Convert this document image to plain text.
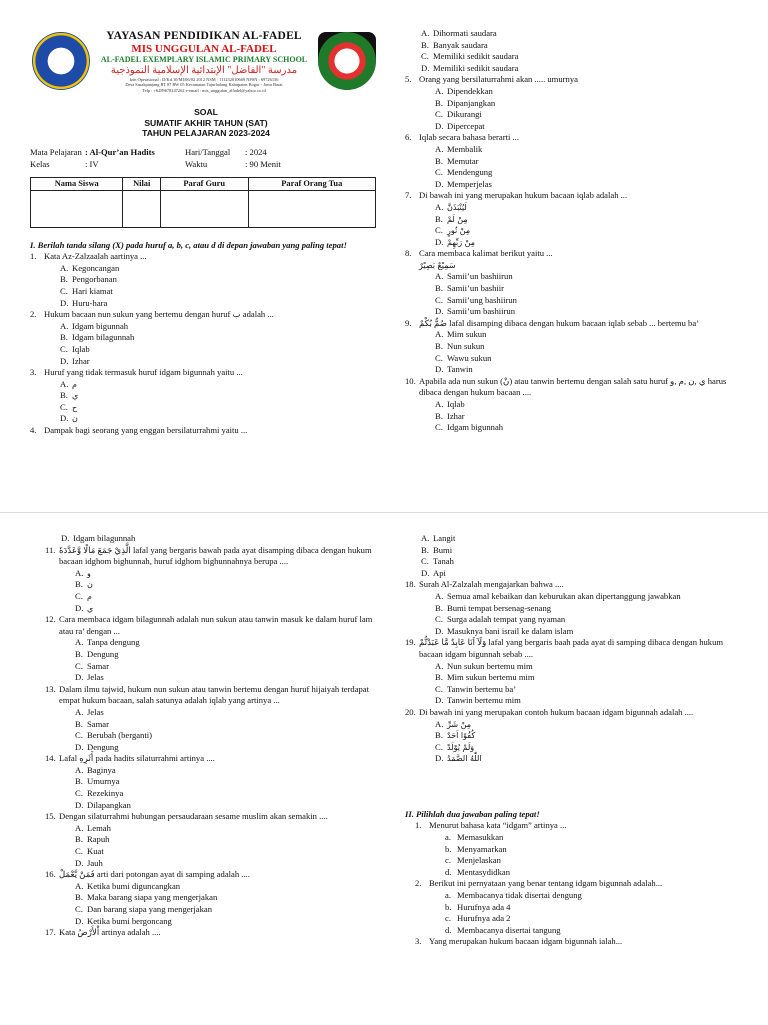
YAYASAN PENDIDIKAN AL-FADEL
MIS UNGGULAN AL-FADEL
AL-FADEL EXEMPLARY ISLAMIC PRIMARY SCHOOL
مدرسة "الفاضل" الإبتدائية الإسلامية النموذجية
Izin Operasional : D/Kd.10/MI/06/02 2012 NSM : 111232010669 NPSN : 69726156
Desa Sasakpanjang RT 07 RW 05 Kecamatan Tajurhalang Kabupaten Bogor - Jawa Barat
Telp : +6289678247262 e-email : mis_unggulan_alfadel@yahoo.co.id
SOAL
SUMATIF AKHIR TAHUN (SAT)
TAHUN PELAJARAN 2023-2024
Mata Pelajaran : Al-Qur’an Hadits	Hari/Tanggal	: 2024
Kelas	: IV	Waktu	: 90 Menit
Nama Siswa	Nilai	Paraf Guru	Paraf Orang Tua

I. Berilah tanda silang (X) pada huruf a, b, c, atau d di depan jawaban yang paling tepat!
1. Kata Az-Zalzaalah aartinya ...
A. Kegoncangan
B. Pengorbanan
C. Hari kiamat
D. Huru-hara
2. Hukum bacaan nun sukun yang bertemu dengan huruf ب adalah ...
A. Idgam bigunnah
B. Idgam bilagunnah
C. Iqlab
D. Izhar
3. Huruf yang tidak termasuk huruf idgam bigunnah yaitu ...
A. م
B. ي
C. ح
D. ن
4. Dampak bagi seorang yang enggan bersilaturrahmi yaitu ...
A. Dihormati saudara
B. Banyak saudara
C. Memiliki sedikit saudara
D. Memiliki sedikit saudara
5. Orang yang bersilaturrahmi akan ..... umurnya
A. Dipendekkan
B. Dipanjangkan
C. Dikurangi
D. Dipercepat
6. Iqlab secara bahasa berarti ...
A. Membalik
B. Memutar
C. Mendengung
D. Memperjelas
7. Di bawah ini yang merupakan hukum bacaan iqlab adalah ...
A. لَيُنْبَذَنَّ
B. مِنْ لَمْ
C. مِنْ نُورٍ
D. مِنْ رَبِّهِمْ
8. Cara membaca kalimat berikut yaitu ...
سَمِيْعٌ بَصِيْرٌ
A. Samii’un bashiirun
B. Samii’un bashiir
C. Samii’ung bashiirun
D. Samii’um bashiirun
9. صُمٌّ بُكْمٌ lafal disamping dibaca dengan hukum bacaan iqlab sebab ... bertemu ba’
A. Mim sukun
B. Nun sukun
C. Wawu sukun
D. Tanwin
10. Apabila ada nun sukun (نْ) atau tanwin bertemu dengan salah satu huruf ي ,ن ,م ,و harus dibaca dengan hukum bacaan ....
A. Iqlab
B. Izhar
C. Idgam bigunnah
D. Idgam bilagunnah
11. الَّذِيْ جَمَعَ مَالًا وَّعَدَّدَهٗ lafal yang bergaris bawah pada ayat disamping dibaca dengan hukum bacaan idghom bighunnah, huruf idghom bighunnahnya berupa ....
A. و
B. ن
C. م
D. ي
12. Cara membaca idgam bilagunnah adalah nun sukun atau tanwin masuk ke dalam huruf lam atau ra’ dengan ...
A. Tanpa dengung
B. Dengung
C. Samar
D. Jelas
13. Dalam ilmu tajwid, hukum nun sukun atau tanwin bertemu dengan huruf hijaiyah terdapat empat hukum bacaan, salah satunya adalah iqlab yang artinya ...
A. Jelas
B. Samar
C. Berubah (berganti)
D. Dengung
14. Lafal أَثَرِهِ pada hadits silaturrahmi artinya ....
A. Baginya
B. Umurnya
C. Rezekinya
D. Dilapangkan
15. Dengan silaturrahmi hubungan persaudaraan sesame muslim akan semakin ....
A. Lemah
B. Rapuh
C. Kuat
D. Jauh
16. فَمَنْ يَّعْمَلْ arti dari potongan ayat di samping adalah ....
A. Ketika bumi diguncangkan
B. Maka barang siapa yang mengerjakan
C. Dan barang siapa yang mengerjakan
D. Ketika bumi bergoncang
17. Kata اْلأَرْضُ artinya adalah ....
A. Langit
B. Bumi
C. Tanah
D. Api
18. Surah Al-Zalzalah mengajarkan bahwa ....
A. Semua amal kebaikan dan keburukan akan dipertanggung jawabkan
B. Bumi tempat bersenag-senang
C. Surga adalah tempat yang nyaman
D. Masuknya bani israil ke dalam islam
19. وَلَآ اَنَا عَابِدٌ مَّا عَبَدْتُّمْ lafal yang bergaris baah pada ayat di samping dibaca dengan hukum bacaan idgam bigunnah sebab ....
A. Nun sukun bertemu mim
B. Mim sukun bertemu mim
C. Tanwin bertemu ba’
D. Tanwin bertemu mim
20. Di bawah ini yang merupakan contoh hukum bacaan idgam bigunnah adalah ....
A. مِنْ شَرِّ
B. كُفُوًا اَحَدٌ
C. وَلَمْ يُوْلَدْ
D. اللّٰهُ الصَّمَدُ
II. Pilihlah dua jawaban paling tepat!
1. Menurut bahasa kata “idgam” artinya ...
a. Memasukkan
b. Menyamarkan
c. Menjelaskan
d. Mentasydidkan
2. Berikut ini pernyataan yang benar tentang idgam bigunnah adalah...
a. Membacanya tidak disertai dengung
b. Hurufnya ada 4
c. Hurufnya ada 2
d. Membacanya disertai tangung
3. Yang merupakan hukum bacaan idgam bigunnah ialah...
